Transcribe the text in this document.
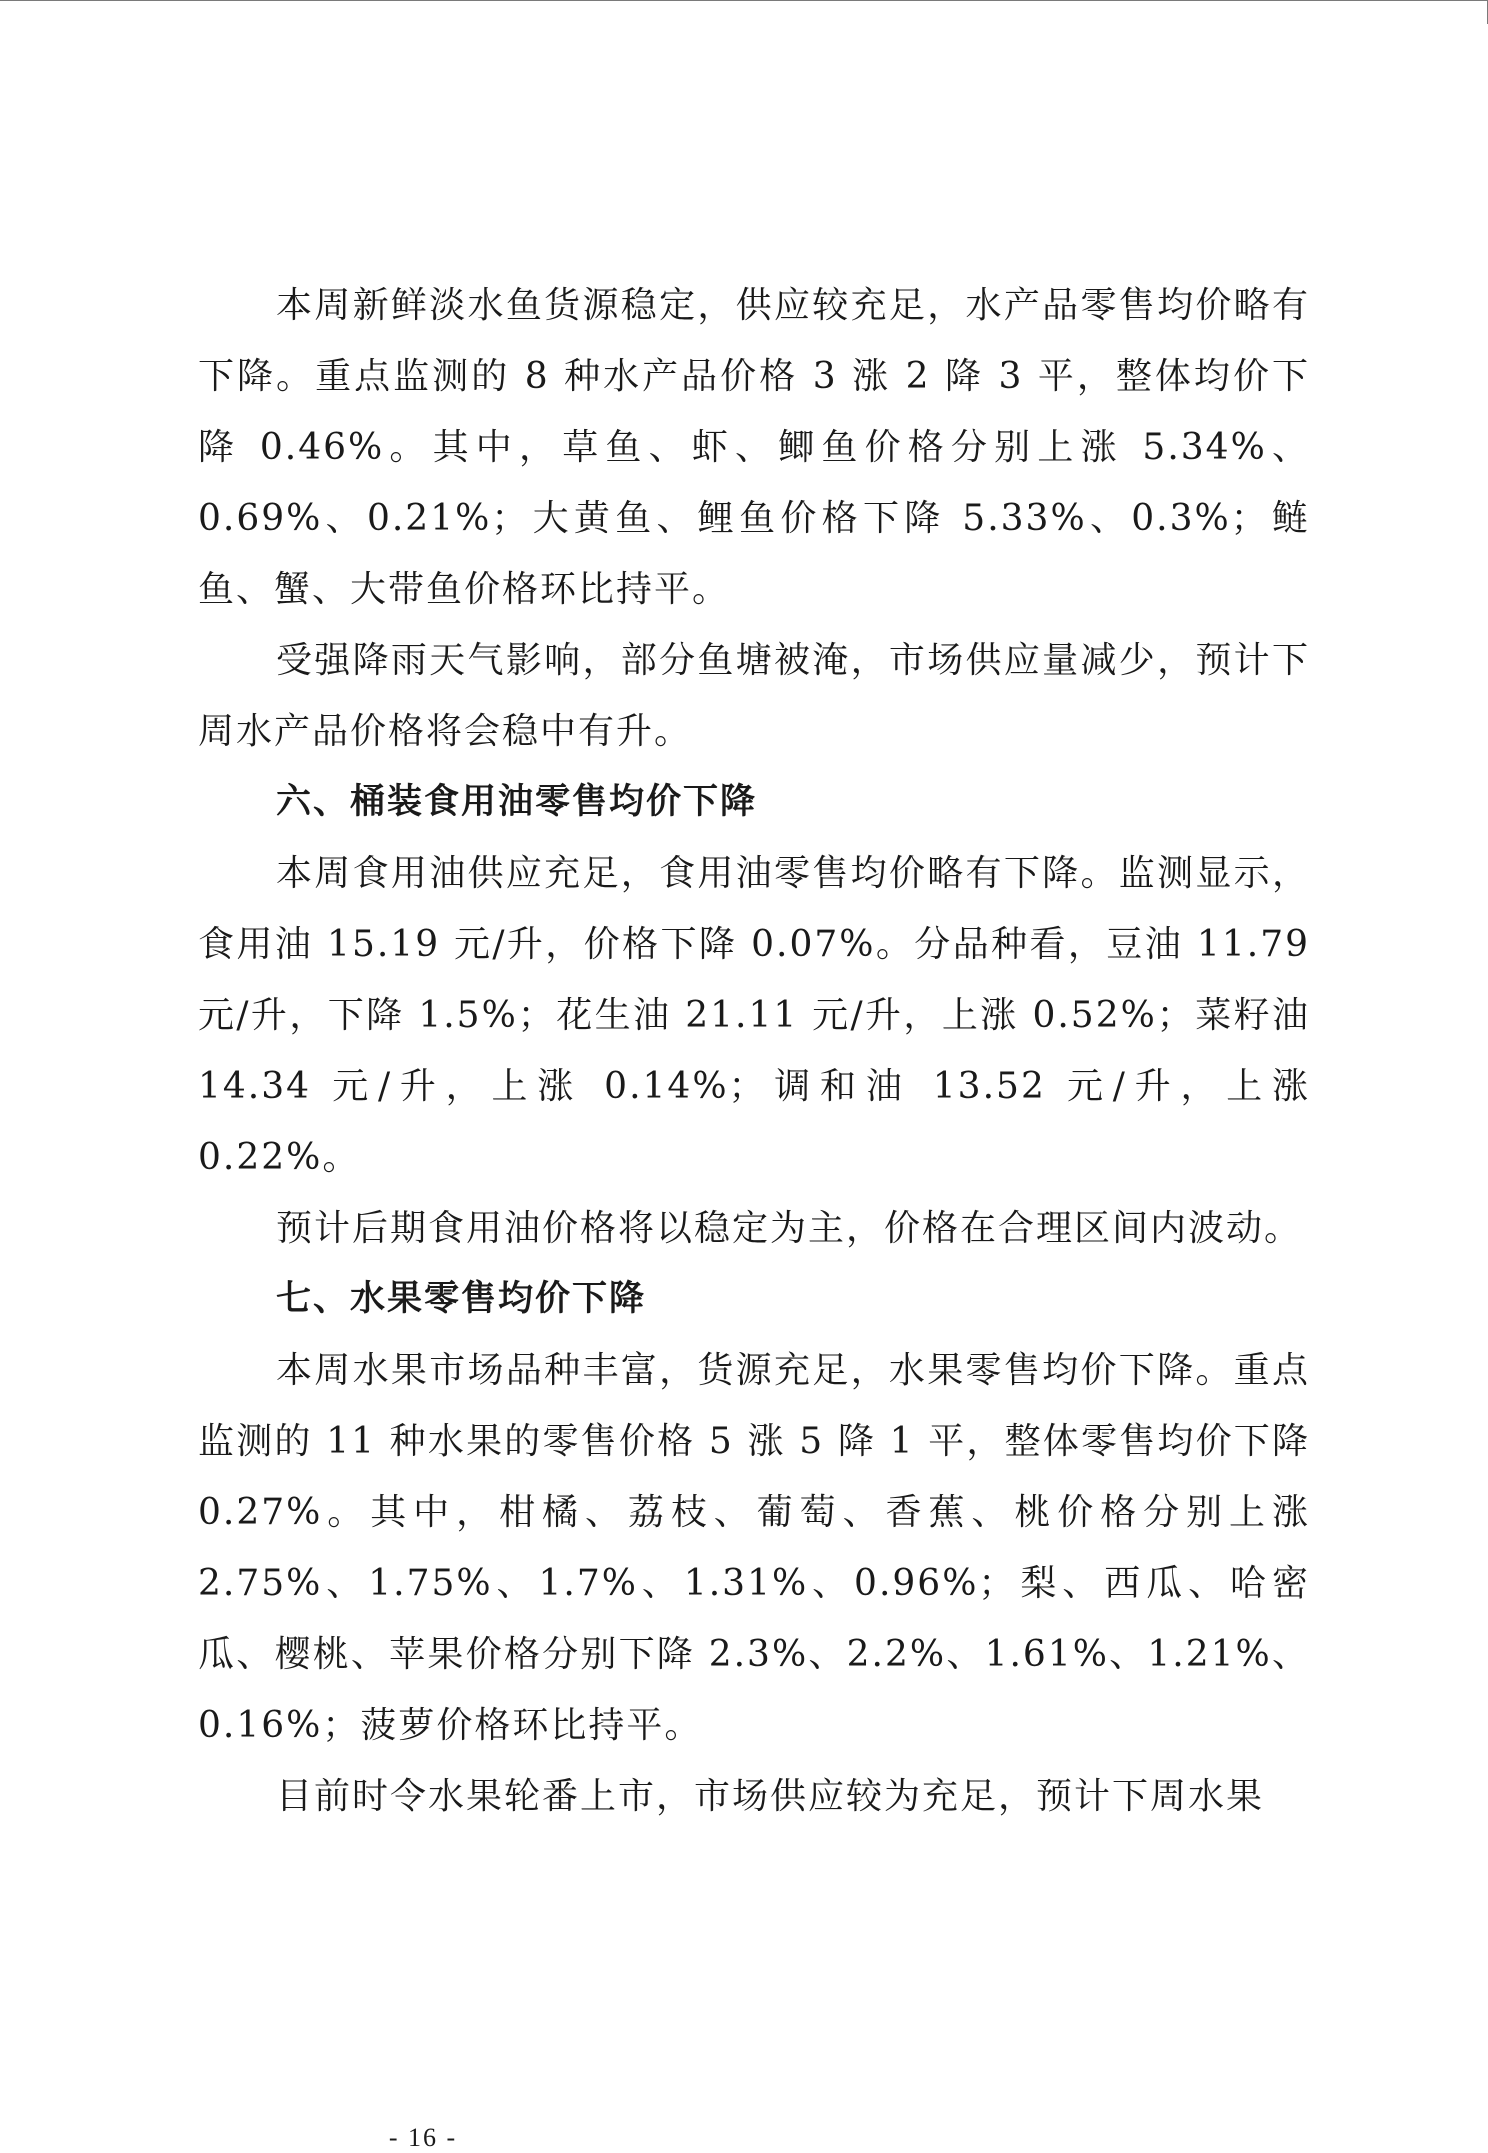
本周新鲜淡水鱼货源稳定，供应较充足，水产品零售均价略有下降。重点监测的 8 种水产品价格 3 涨 2 降 3 平，整体均价下降 0.46%。其中，草鱼、虾、鲫鱼价格分别上涨 5.34%、0.69%、0.21%；大黄鱼、鲤鱼价格下降 5.33%、0.3%；鲢鱼、蟹、大带鱼价格环比持平。

受强降雨天气影响，部分鱼塘被淹，市场供应量减少，预计下周水产品价格将会稳中有升。

六、桶装食用油零售均价下降

本周食用油供应充足，食用油零售均价略有下降。监测显示，食用油 15.19 元/升，价格下降 0.07%。分品种看，豆油 11.79 元/升，下降 1.5%；花生油 21.11 元/升，上涨 0.52%；菜籽油 14.34 元/升，上涨 0.14%；调和油 13.52 元/升，上涨 0.22%。

预计后期食用油价格将以稳定为主，价格在合理区间内波动。

七、水果零售均价下降

本周水果市场品种丰富，货源充足，水果零售均价下降。重点监测的 11 种水果的零售价格 5 涨 5 降 1 平，整体零售均价下降 0.27%。其中，柑橘、荔枝、葡萄、香蕉、桃价格分别上涨 2.75%、1.75%、1.7%、1.31%、0.96%；梨、西瓜、哈密瓜、樱桃、苹果价格分别下降 2.3%、2.2%、1.61%、1.21%、0.16%；菠萝价格环比持平。

目前时令水果轮番上市，市场供应较为充足，预计下周水果

- 16 -
